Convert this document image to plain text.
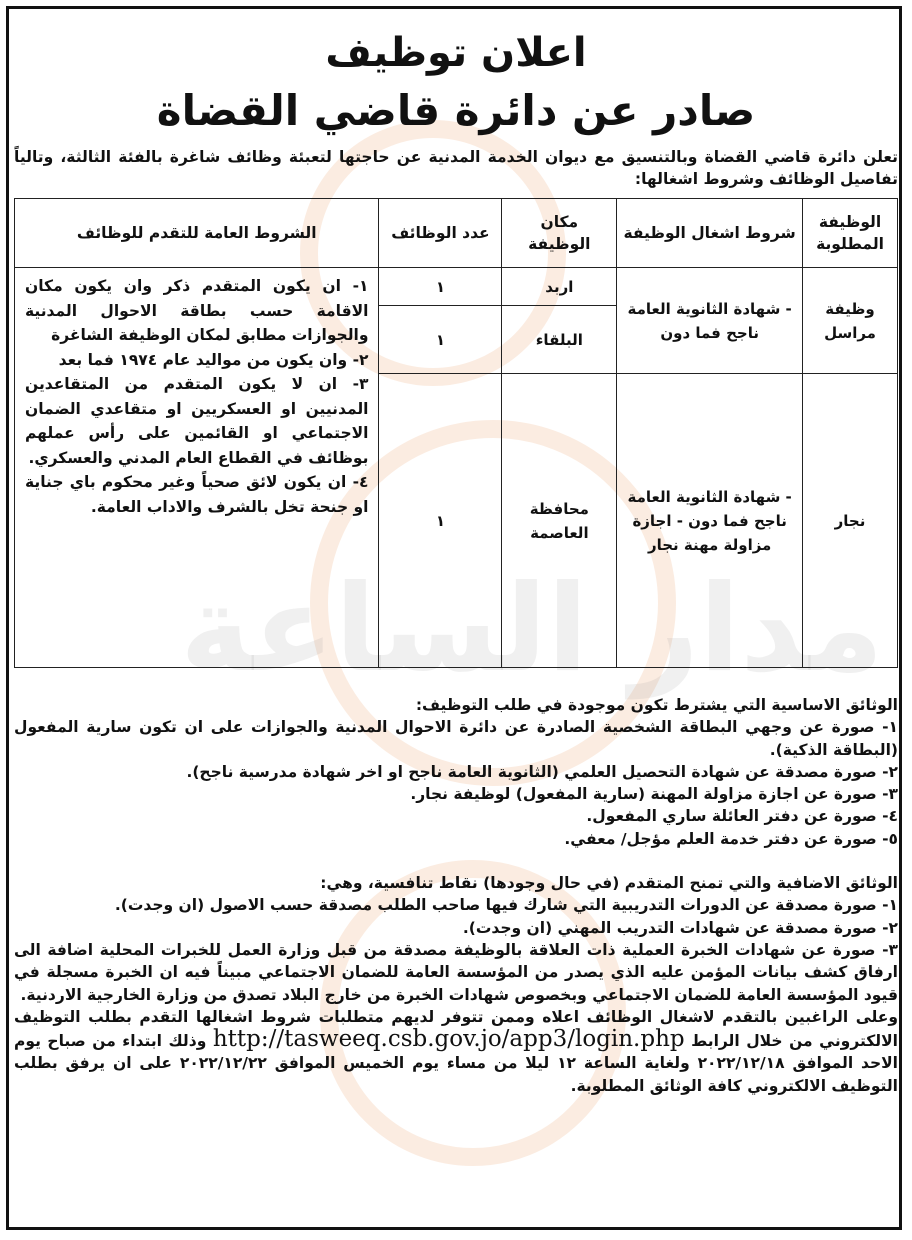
مدار الساعة
اعلان توظيف
صادر عن دائرة قاضي القضاة
تعلن دائرة قاضي القضاة وبالتنسيق مع ديوان الخدمة المدنية عن حاجتها لتعبئة وظائف شاغرة بالفئة الثالثة، وتالياً تفاصيل الوظائف وشروط اشغالها:
الوظيفة المطلوبة	شروط اشغال الوظيفة	مكان الوظيفة	عدد الوظائف	الشروط العامة للتقدم للوظائف
وظيفة مراسل	- شهادة الثانوية العامة ناجح فما دون	اربد	١	١- ان يكون المتقدم ذكر وان يكون مكان الاقامة حسب بطاقة الاحوال المدنية والجوازات مطابق لمكان الوظيفة الشاغرة
٢- وان يكون من مواليد عام ١٩٧٤ فما بعد
٣- ان لا يكون المتقدم من المتقاعدين المدنيين او العسكريين او متقاعدي الضمان الاجتماعي او القائمين على رأس عملهم بوظائف في القطاع العام المدني والعسكري.
٤- ان يكون لائق صحياً وغير محكوم باي جناية او جنحة تخل بالشرف والاداب العامة.

		البلقاء	١	
نجار	- شهادة الثانوية العامة ناجح فما دون - اجازة مزاولة مهنة نجار	محافظة العاصمة	١	

الوثائق الاساسية التي يشترط تكون موجودة في طلب التوظيف:

١- صورة عن وجهي البطاقة الشخصية الصادرة عن دائرة الاحوال المدنية والجوازات على ان تكون سارية المفعول (البطاقة الذكية).

٢- صورة مصدقة عن شهادة التحصيل العلمي (الثانوية العامة ناجح او اخر شهادة مدرسية ناجح).

٣- صورة عن اجازة مزاولة المهنة (سارية المفعول) لوظيفة نجار.

٤- صورة عن دفتر العائلة ساري المفعول.

٥- صورة عن دفتر خدمة العلم مؤجل/ معفي.

الوثائق الاضافية والتي تمنح المتقدم (في حال وجودها) نقاط تنافسية، وهي:

١- صورة مصدقة عن الدورات التدريبية التي شارك فيها صاحب الطلب مصدقة حسب الاصول (ان وجدت).

٢- صورة مصدقة عن شهادات التدريب المهني (ان وجدت).

٣- صورة عن شهادات الخبرة العملية ذات العلاقة بالوظيفة مصدقة من قبل وزارة العمل للخبرات المحلية اضافة الى ارفاق كشف بيانات المؤمن عليه الذي يصدر من المؤسسة العامة للضمان الاجتماعي مبيناً فيه ان الخبرة مسجلة في قيود المؤسسة العامة للضمان الاجتماعي وبخصوص شهادات الخبرة من خارج البلاد تصدق من وزارة الخارجية الاردنية.

وعلى الراغبين بالتقدم لاشغال الوظائف اعلاه وممن تتوفر لديهم متطلبات شروط اشغالها التقدم بطلب التوظيف الالكتروني من خلال الرابط http://tasweeq.csb.gov.jo/app3/login.php وذلك ابتداء من صباح يوم الاحد الموافق ٢٠٢٢/١٢/١٨ ولغاية الساعة ١٢ ليلا من مساء يوم الخميس الموافق ٢٠٢٢/١٢/٢٢ على ان يرفق بطلب التوظيف الالكتروني كافة الوثائق المطلوبة.
